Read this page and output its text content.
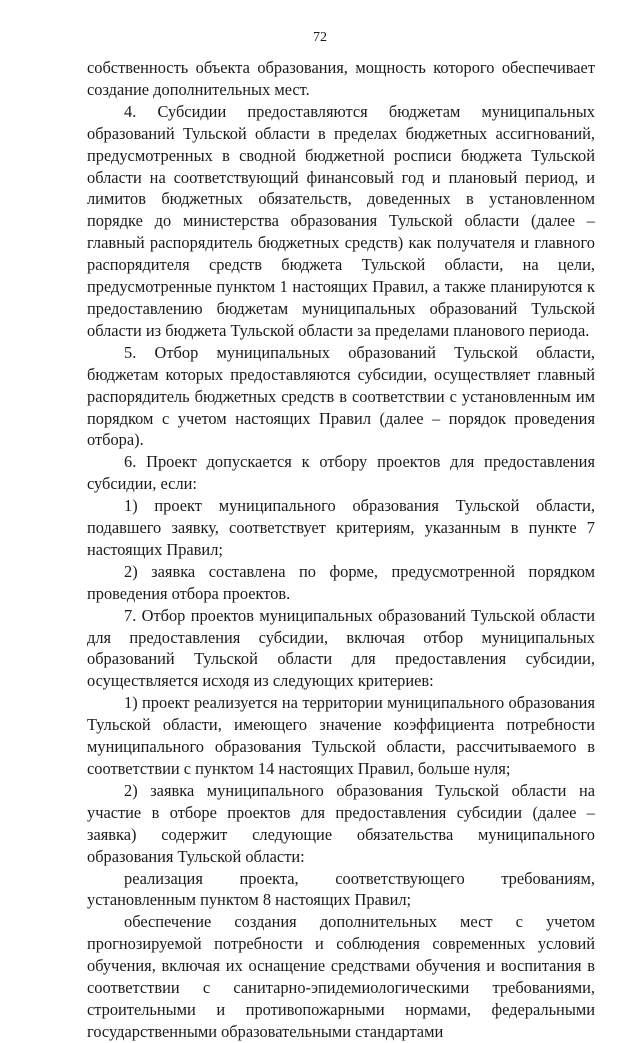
72

собственность объекта образования, мощность которого обеспечивает создание дополнительных мест.

4. Субсидии предоставляются бюджетам муниципальных образований Тульской области в пределах бюджетных ассигнований, предусмотренных в сводной бюджетной росписи бюджета Тульской области на соответствующий финансовый год и плановый период, и лимитов бюджетных обязательств, доведенных в установленном порядке до министерства образования Тульской области (далее – главный распорядитель бюджетных средств) как получателя и главного распорядителя средств бюджета Тульской области, на цели, предусмотренные пунктом 1 настоящих Правил, а также планируются к предоставлению бюджетам муниципальных образований Тульской области из бюджета Тульской области за пределами планового периода.

5. Отбор муниципальных образований Тульской области, бюджетам которых предоставляются субсидии, осуществляет главный распорядитель бюджетных средств в соответствии с установленным им порядком с учетом настоящих Правил (далее – порядок проведения отбора).

6. Проект допускается к отбору проектов для предоставления субсидии, если:

1) проект муниципального образования Тульской области, подавшего заявку, соответствует критериям, указанным в пункте 7 настоящих Правил;

2) заявка составлена по форме, предусмотренной порядком проведения отбора проектов.

7. Отбор проектов муниципальных образований Тульской области для предоставления субсидии, включая отбор муниципальных образований Тульской области для предоставления субсидии, осуществляется исходя из следующих критериев:

1) проект реализуется на территории муниципального образования Тульской области, имеющего значение коэффициента потребности муниципального образования Тульской области, рассчитываемого в соответствии с пунктом 14 настоящих Правил, больше нуля;

2) заявка муниципального образования Тульской области на участие в отборе проектов для предоставления субсидии (далее – заявка) содержит следующие обязательства муниципального образования Тульской области:

реализация проекта, соответствующего требованиям, установленным пунктом 8 настоящих Правил;

обеспечение создания дополнительных мест с учетом прогнозируемой потребности и соблюдения современных условий обучения, включая их оснащение средствами обучения и воспитания в соответствии с санитарно-эпидемиологическими требованиями, строительными и противопожарными нормами, федеральными государственными образовательными стандартами
